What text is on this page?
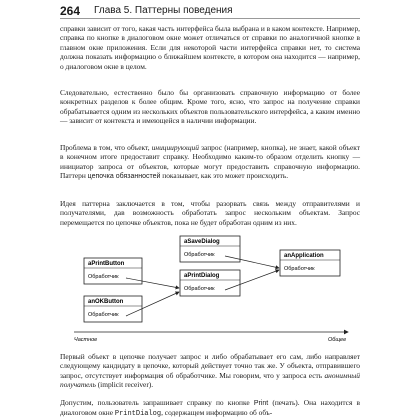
264 Глава 5. Паттерны поведения
справки зависит от того, какая часть интерфейса была выбрана и в каком контексте. Например, справка по кнопке в диалоговом окне может отличаться от справки по аналогичной кнопке в главном окне приложения. Если для некоторой части интерфейса справки нет, то система должна показать информацию о ближайшем контексте, в котором она находится — например, о диалоговом окне в целом.
Следовательно, естественно было бы организовать справочную информацию от более конкретных разделов к более общим. Кроме того, ясно, что запрос на получение справки обрабатывается одним из нескольких объектов пользовательского интерфейса, а каким именно — зависит от контекста и имеющейся в наличии информации.
Проблема в том, что объект, инициирующий запрос (например, кнопка), не знает, какой объект в конечном итоге предоставит справку. Необходимо каким-то образом отделить кнопку — инициатор запроса от объектов, которые могут предоставить справочную информацию. Паттерн цепочка обязанностей показывает, как это может происходить.
Идея паттерна заключается в том, чтобы разорвать связь между отправителями и получателями, дав возможность обработать запрос нескольким объектам. Запрос перемещается по цепочке объектов, пока не будет обработан одним из них.
aSaveDialog
Обработчик
aPrintButton
Обработчик	aPrintDialog
Обработчик
anApplication
Обработчик
anOKButton
Обработчик
Частное	Общее
Первый объект в цепочке получает запрос и либо обрабатывает его сам, либо направляет следующему кандидату в цепочке, который действует точно так же. У объекта, отправившего запрос, отсутствует информация об обработчике. Мы говорим, что у запроса есть анонимный получатель (implicit receiver).
Допустим, пользователь запрашивает справку по кнопке Print (печать). Она находится в диалоговом окне PrintDialog, содержащем информацию об объ-
